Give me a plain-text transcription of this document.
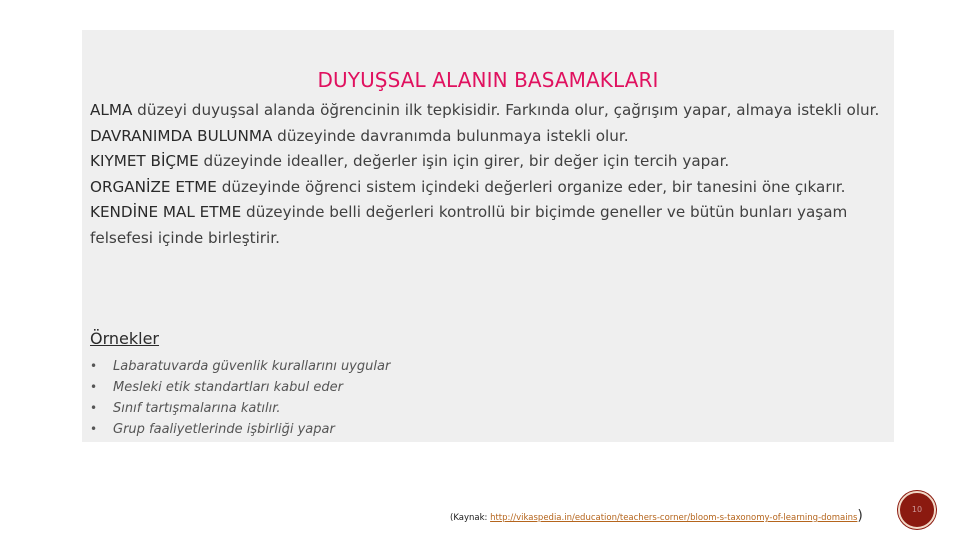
DUYUŞSAL ALANIN BASAMAKLARI

ALMA düzeyi duyuşsal alanda öğrencinin ilk tepkisidir. Farkında olur, çağrışım yapar, almaya istekli olur.

DAVRANIMDA BULUNMA düzeyinde davranımda bulunmaya istekli olur.

KIYMET BİÇME düzeyinde idealler, değerler işin için girer, bir değer için tercih yapar.

ORGANİZE ETME düzeyinde öğrenci sistem içindeki değerleri organize eder, bir tanesini öne çıkarır.

KENDİNE MAL ETME düzeyinde belli değerleri kontrollü bir biçimde geneller ve bütün bunları yaşam felsefesi içinde birleştirir.

Örnekler
• Labaratuvarda güvenlik kurallarını uygular
• Mesleki etik standartları kabul eder
• Sınıf tartışmalarına katılır.
• Grup faaliyetlerinde işbirliği yapar
(Kaynak: http://vikaspedia.in/education/teachers-corner/bloom-s-taxonomy-of-learning-domains)	10
